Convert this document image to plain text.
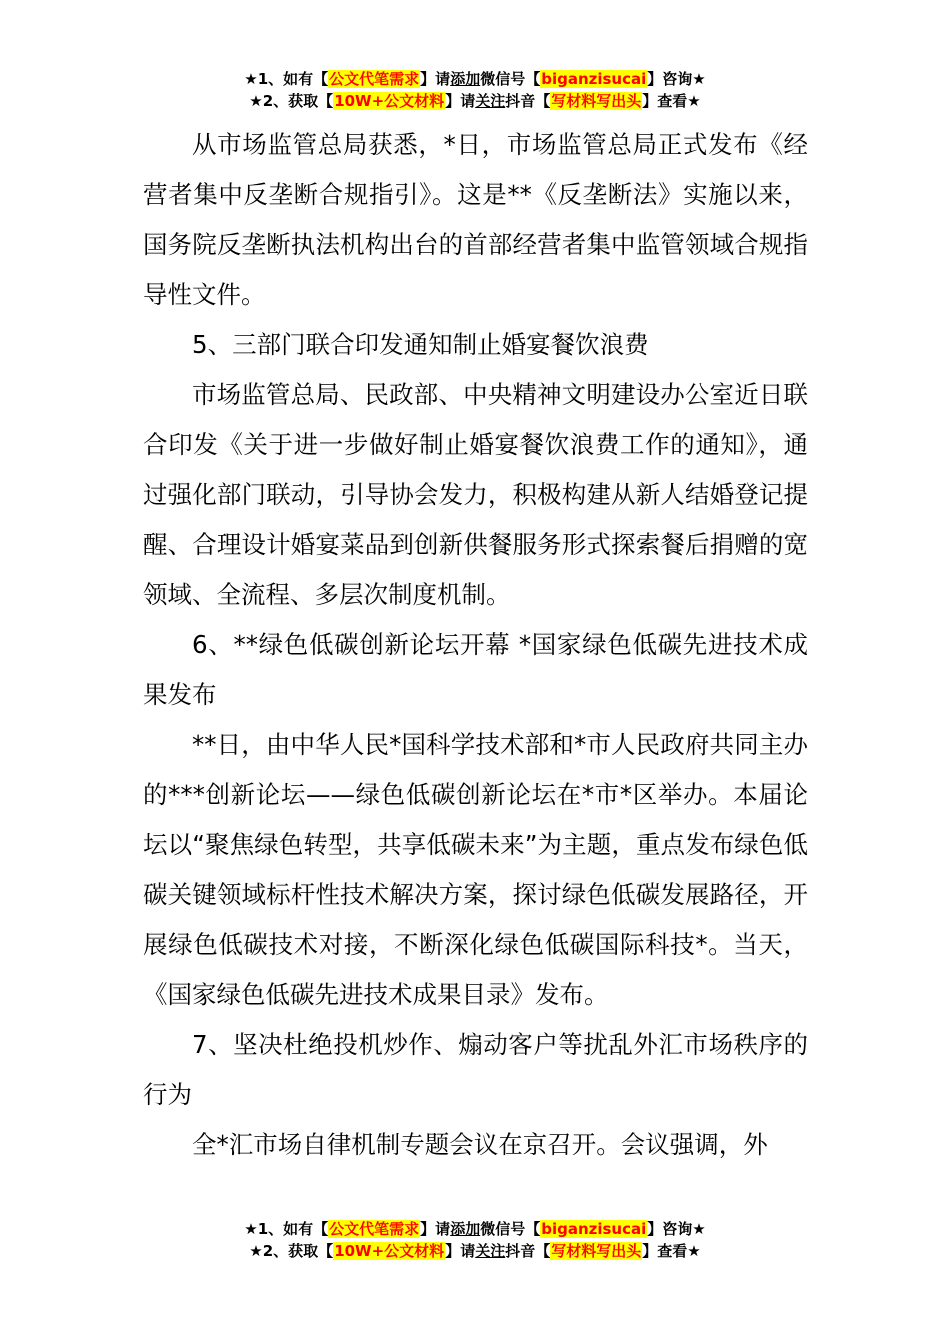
★1、如有【公文代笔需求】请添加微信号【biganzisucai】咨询★
★2、获取【10W+公文材料】请关注抖音【写材料写出头】查看★

从市场监管总局获悉，*日，市场监管总局正式发布《经营者集中反垄断合规指引》。这是**《反垄断法》实施以来，国务院反垄断执法机构出台的首部经营者集中监管领域合规指导性文件。

5、三部门联合印发通知制止婚宴餐饮浪费

市场监管总局、民政部、中央精神文明建设办公室近日联合印发《关于进一步做好制止婚宴餐饮浪费工作的通知》，通过强化部门联动，引导协会发力，积极构建从新人结婚登记提醒、合理设计婚宴菜品到创新供餐服务形式探索餐后捐赠的宽领域、全流程、多层次制度机制。

6、**绿色低碳创新论坛开幕 *国家绿色低碳先进技术成果发布

**日，由中华人民*国科学技术部和*市人民政府共同主办的***创新论坛——绿色低碳创新论坛在*市*区举办。本届论坛以“聚焦绿色转型，共享低碳未来”为主题，重点发布绿色低碳关键领域标杆性技术解决方案，探讨绿色低碳发展路径，开展绿色低碳技术对接，不断深化绿色低碳国际科技*。当天，《国家绿色低碳先进技术成果目录》发布。

7、坚决杜绝投机炒作、煽动客户等扰乱外汇市场秩序的行为

全*汇市场自律机制专题会议在京召开。会议强调，外

★1、如有【公文代笔需求】请添加微信号【biganzisucai】咨询★
★2、获取【10W+公文材料】请关注抖音【写材料写出头】查看★
